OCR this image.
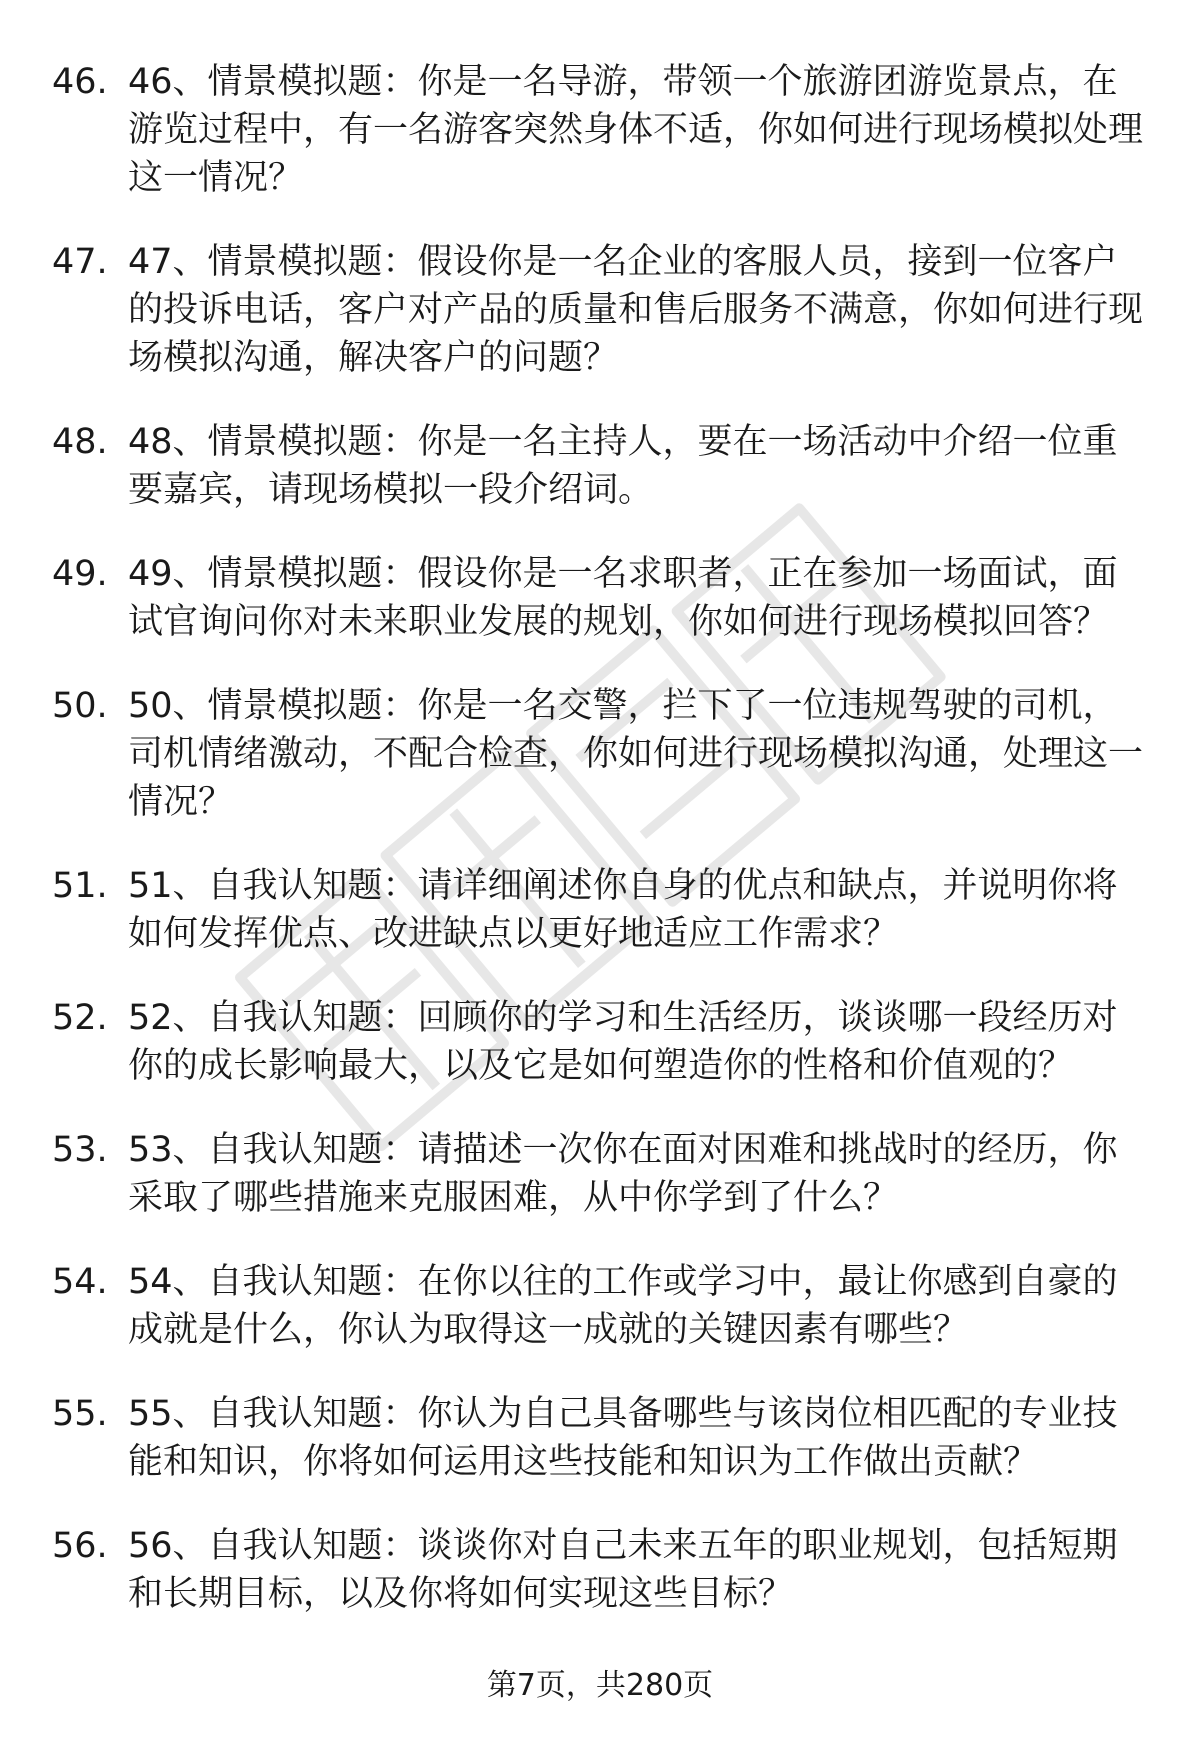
46. 46、情景模拟题：你是一名导游，带领一个旅游团游览景点，在游览过程中，有一名游客突然身体不适，你如何进行现场模拟处理这一情况？
47. 47、情景模拟题：假设你是一名企业的客服人员，接到一位客户的投诉电话，客户对产品的质量和售后服务不满意，你如何进行现场模拟沟通，解决客户的问题？
48. 48、情景模拟题：你是一名主持人，要在一场活动中介绍一位重要嘉宾，请现场模拟一段介绍词。
49. 49、情景模拟题：假设你是一名求职者，正在参加一场面试，面试官询问你对未来职业发展的规划，你如何进行现场模拟回答？
50. 50、情景模拟题：你是一名交警，拦下了一位违规驾驶的司机，司机情绪激动，不配合检查，你如何进行现场模拟沟通，处理这一情况？
51. 51、自我认知题：请详细阐述你自身的优点和缺点，并说明你将如何发挥优点、改进缺点以更好地适应工作需求？
52. 52、自我认知题：回顾你的学习和生活经历，谈谈哪一段经历对你的成长影响最大，以及它是如何塑造你的性格和价值观的？
53. 53、自我认知题：请描述一次你在面对困难和挑战时的经历，你采取了哪些措施来克服困难，从中你学到了什么？
54. 54、自我认知题：在你以往的工作或学习中，最让你感到自豪的成就是什么，你认为取得这一成就的关键因素有哪些？
55. 55、自我认知题：你认为自己具备哪些与该岗位相匹配的专业技能和知识，你将如何运用这些技能和知识为工作做出贡献？
56. 56、自我认知题：谈谈你对自己未来五年的职业规划，包括短期和长期目标，以及你将如何实现这些目标？
第7页，共280页
